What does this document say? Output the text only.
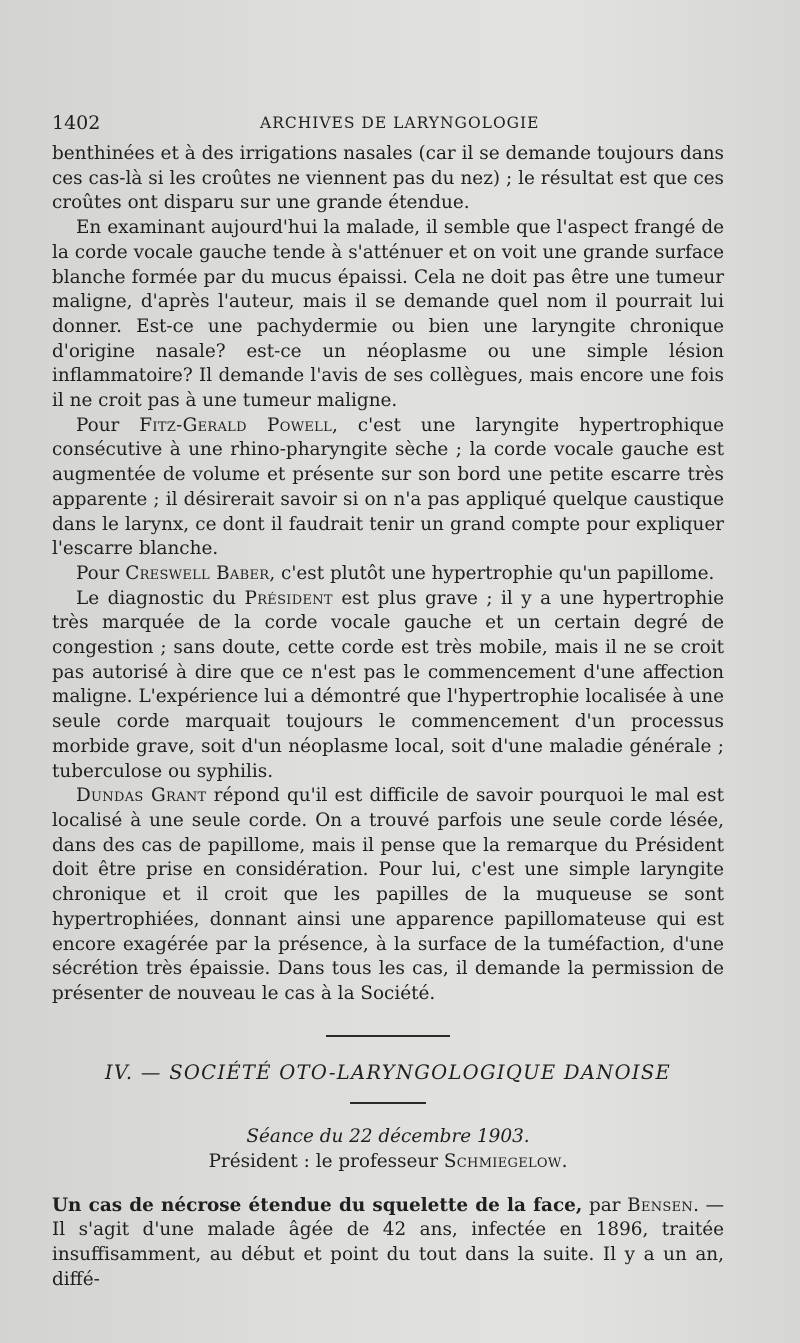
1402	ARCHIVES DE LARYNGOLOGIE

benthinées et à des irrigations nasales (car il se demande toujours dans ces cas-là si les croûtes ne viennent pas du nez) ; le résultat est que ces croûtes ont disparu sur une grande étendue.

En examinant aujourd'hui la malade, il semble que l'aspect frangé de la corde vocale gauche tende à s'atténuer et on voit une grande surface blanche formée par du mucus épaissi. Cela ne doit pas être une tumeur maligne, d'après l'auteur, mais il se demande quel nom il pourrait lui donner. Est-ce une pachydermie ou bien une laryngite chronique d'origine nasale? est-ce un néoplasme ou une simple lésion inflammatoire? Il demande l'avis de ses collègues, mais encore une fois il ne croit pas à une tumeur maligne.

Pour Fitz-Gerald Powell, c'est une laryngite hypertrophique consécutive à une rhino-pharyngite sèche ; la corde vocale gauche est augmentée de volume et présente sur son bord une petite escarre très apparente ; il désirerait savoir si on n'a pas appliqué quelque caustique dans le larynx, ce dont il faudrait tenir un grand compte pour expliquer l'escarre blanche.

Pour Creswell Baber, c'est plutôt une hypertrophie qu'un papillome.

Le diagnostic du Président est plus grave ; il y a une hypertrophie très marquée de la corde vocale gauche et un certain degré de congestion ; sans doute, cette corde est très mobile, mais il ne se croit pas autorisé à dire que ce n'est pas le commencement d'une affection maligne. L'expérience lui a démontré que l'hypertrophie localisée à une seule corde marquait toujours le commencement d'un processus morbide grave, soit d'un néoplasme local, soit d'une maladie générale ; tuberculose ou syphilis.

Dundas Grant répond qu'il est difficile de savoir pourquoi le mal est localisé à une seule corde. On a trouvé parfois une seule corde lésée, dans des cas de papillome, mais il pense que la remarque du Président doit être prise en considération. Pour lui, c'est une simple laryngite chronique et il croit que les papilles de la muqueuse se sont hypertrophiées, donnant ainsi une apparence papillomateuse qui est encore exagérée par la présence, à la surface de la tuméfaction, d'une sécrétion très épaissie. Dans tous les cas, il demande la permission de présenter de nouveau le cas à la Société.

IV. — SOCIÉTÉ OTO-LARYNGOLOGIQUE DANOISE
Séance du 22 décembre 1903.
Président : le professeur Schmiegelow.

Un cas de nécrose étendue du squelette de la face, par Bensen. — Il s'agit d'une malade âgée de 42 ans, infectée en 1896, traitée insuffisamment, au début et point du tout dans la suite. Il y a un an, diffé-
